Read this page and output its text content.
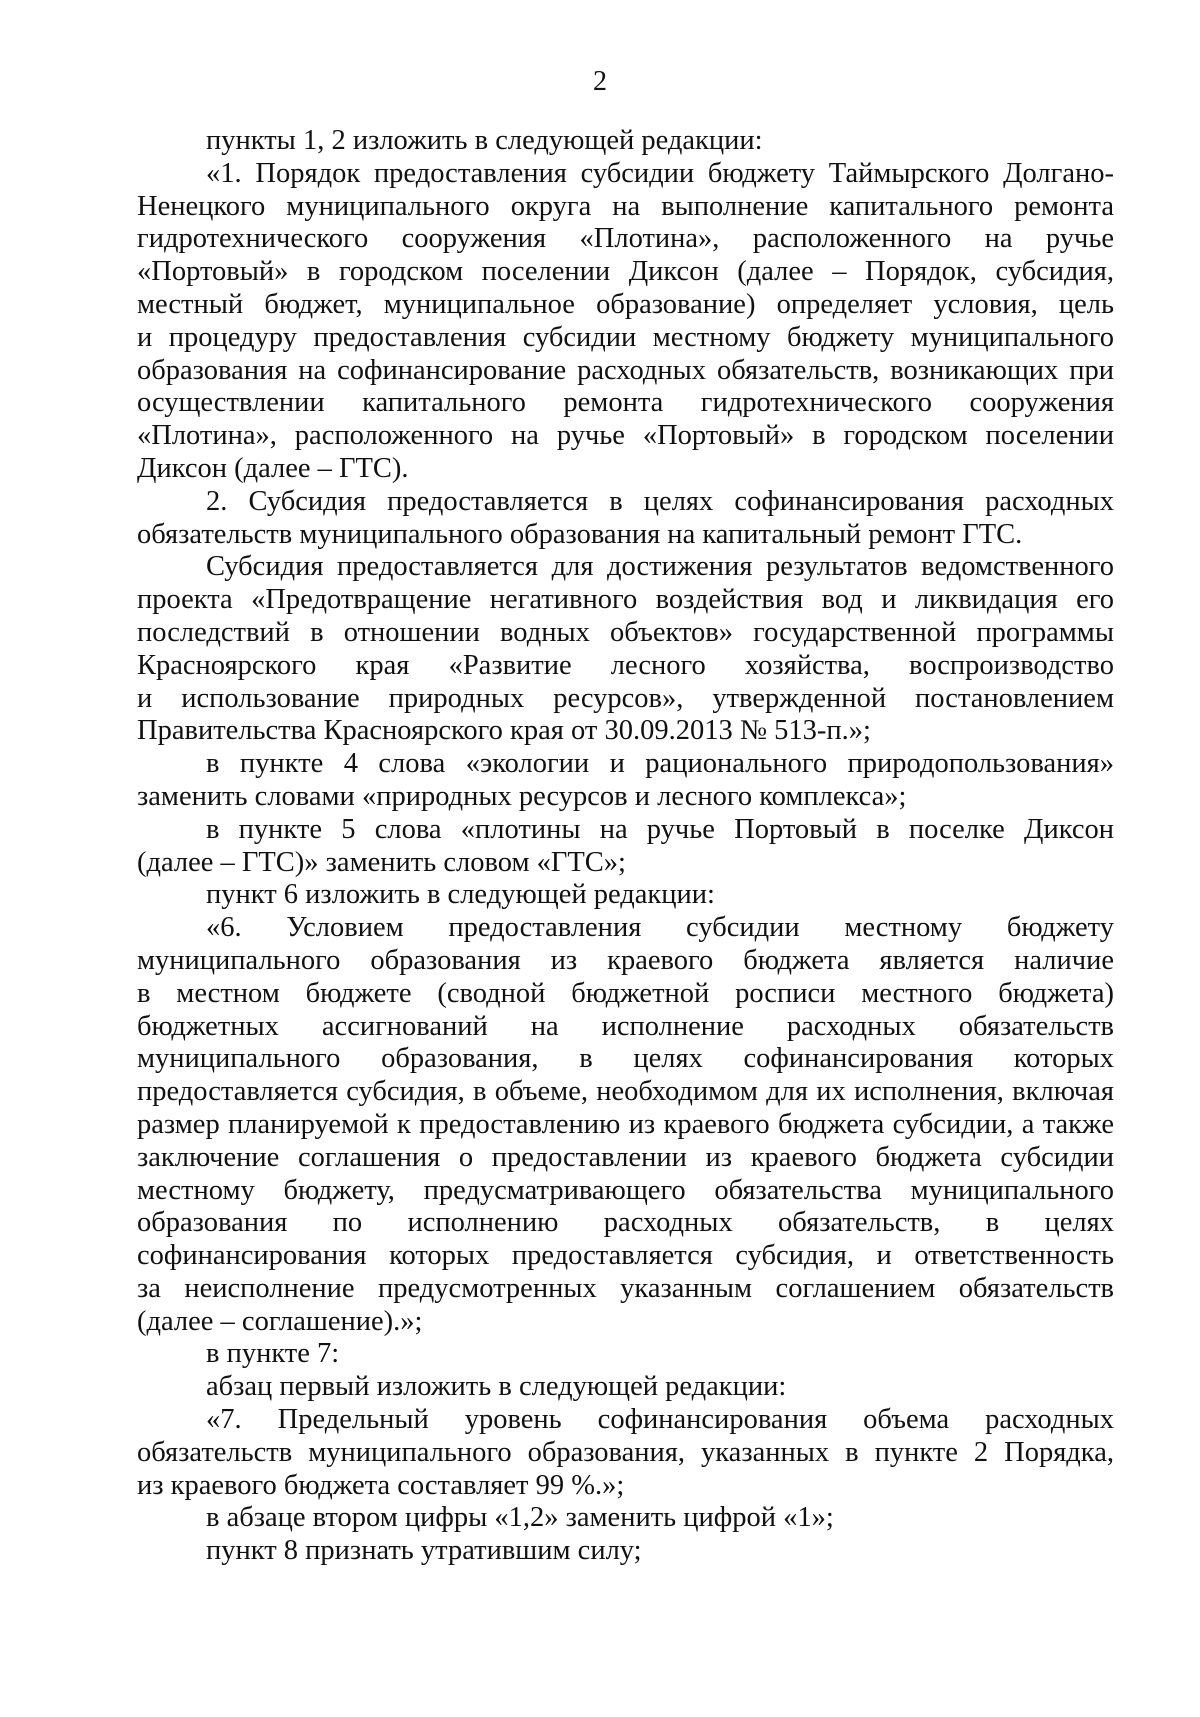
2
пункты 1, 2 изложить в следующей редакции:
«1. Порядок предоставления субсидии бюджету Таймырского Долгано-
Ненецкого муниципального округа на выполнение капитального ремонта
гидротехнического сооружения «Плотина», расположенного на ручье
«Портовый» в городском поселении Диксон (далее – Порядок, субсидия,
местный бюджет, муниципальное образование) определяет условия, цель
и процедуру предоставления субсидии местному бюджету муниципального
образования на софинансирование расходных обязательств, возникающих при
осуществлении капитального ремонта гидротехнического сооружения
«Плотина», расположенного на ручье «Портовый» в городском поселении
Диксон (далее – ГТС).
2. Субсидия предоставляется в целях софинансирования расходных
обязательств муниципального образования на капитальный ремонт ГТС.
Субсидия предоставляется для достижения результатов ведомственного
проекта «Предотвращение негативного воздействия вод и ликвидация его
последствий в отношении водных объектов» государственной программы
Красноярского края «Развитие лесного хозяйства, воспроизводство
и использование природных ресурсов», утвержденной постановлением
Правительства Красноярского края от 30.09.2013 № 513-п.»;
в пункте 4 слова «экологии и рационального природопользования»
заменить словами «природных ресурсов и лесного комплекса»;
в пункте 5 слова «плотины на ручье Портовый в поселке Диксон
(далее – ГТС)» заменить словом «ГТС»;
пункт 6 изложить в следующей редакции:
«6. Условием предоставления субсидии местному бюджету
муниципального образования из краевого бюджета является наличие
в местном бюджете (сводной бюджетной росписи местного бюджета)
бюджетных ассигнований на исполнение расходных обязательств
муниципального образования, в целях софинансирования которых
предоставляется субсидия, в объеме, необходимом для их исполнения, включая
размер планируемой к предоставлению из краевого бюджета субсидии, а также
заключение соглашения о предоставлении из краевого бюджета субсидии
местному бюджету, предусматривающего обязательства муниципального
образования по исполнению расходных обязательств, в целях
софинансирования которых предоставляется субсидия, и ответственность
за неисполнение предусмотренных указанным соглашением обязательств
(далее – соглашение).»;
в пункте 7:
абзац первый изложить в следующей редакции:
«7. Предельный уровень софинансирования объема расходных
обязательств муниципального образования, указанных в пункте 2 Порядка,
из краевого бюджета составляет 99 %.»;
в абзаце втором цифры «1,2» заменить цифрой «1»;
пункт 8 признать утратившим силу;
